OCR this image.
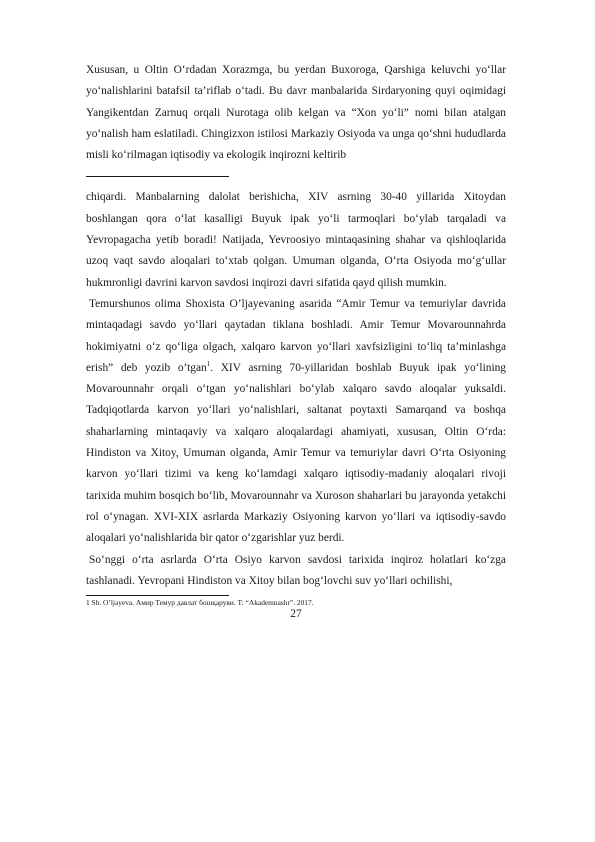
Xususan, u Oltin O‘rdadan Xorazmga, bu yerdan Buxoroga, Qarshiga keluvchi yo‘llar yo‘nalishlarini batafsil ta’riflab o‘tadi. Bu davr manbalarida Sirdaryoning quyi oqimidagi Yangikentdan Zarnuq orqali Nurotaga olib kelgan va “Xon yo‘li” nomi bilan atalgan yo‘nalish ham eslatiladi. Chingizxon istilosi Markaziy Osiyoda va unga qo‘shni hududlarda misli ko‘rilmagan iqtisodiy va ekologik inqirozni keltirib

chiqardi. Manbalarning dalolat berishicha, XIV asrning 30-40 yillarida Xitoydan boshlangan qora o‘lat kasalligi Buyuk ipak yo‘li tarmoqlari bo‘ylab tarqaladi va Yevropagacha yetib boradi! Natijada, Yevroosiyo mintaqasining shahar va qishloqlarida uzoq vaqt savdo aloqalari to‘xtab qolgan. Umuman olganda, O‘rta Osiyoda mo‘g‘ullar hukmronligi davrini karvon savdosi inqirozi davri sifatida qayd qilish mumkin.

Temurshunos olima Shoxista O’ljayevaning asarida “Amir Temur va temuriylar davrida mintaqadagi savdo yo‘llari qaytadan tiklana boshladi. Amir Temur Movarounnahrda hokimiyatni o‘z qo‘liga olgach, xalqaro karvon yo‘llari xavfsizligini to‘liq ta’minlashga erish” deb yozib o’tgan$^1$. XIV asrning 70-yillaridan boshlab Buyuk ipak yo‘lining Movarounnahr orqali o‘tgan yo‘nalishlari bo‘ylab xalqaro savdo aloqalar yuksaldi. Tadqiqotlarda karvon yo‘llari yo‘nalishlari, saltanat poytaxti Samarqand va boshqa shaharlarning mintaqaviy va xalqaro aloqalardagi ahamiyati, xususan, Oltin O‘rda: Hindiston va Xitoy, Umuman olganda, Amir Temur va temuriylar davri O‘rta Osiyoning karvon yo‘llari tizimi va keng ko‘lamdagi xalqaro iqtisodiy-madaniy aloqalari rivoji tarixida muhim bosqich bo‘lib, Movarounnahr va Xuroson shaharlari bu jarayonda yetakchi rol o‘ynagan. XVI-XIX asrlarda Markaziy Osiyoning karvon yo‘llari va iqtisodiy-savdo aloqalari yo‘nalishlarida bir qator o‘zgarishlar yuz berdi.

So‘nggi o‘rta asrlarda O‘rta Osiyo karvon savdosi tarixida inqiroz holatlari ko‘zga tashlanadi. Yevropani Hindiston va Xitoy bilan bog‘lovchi suv yo‘llari ochilishi,

1 Sh. O’ljayeva. Амир Темур давлат бошқаруви. T: “Akademnashr”. 2017.

27
